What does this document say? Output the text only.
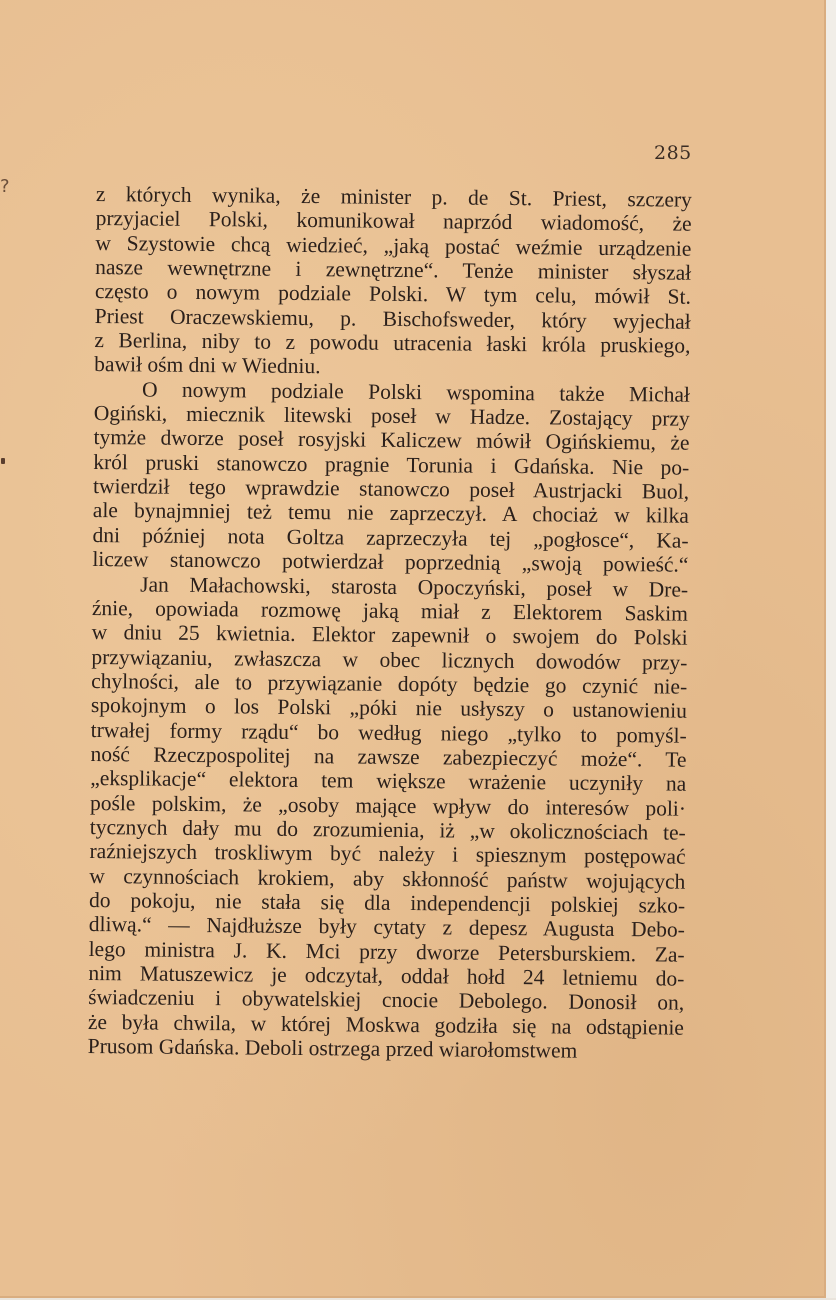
285
z których wynika, że minister p. de St. Priest, szczery
przyjaciel Polski, komunikował naprzód wiadomość, że
w Szystowie chcą wiedzieć, „jaką postać weźmie urządzenie
nasze wewnętrzne i zewnętrzne“. Tenże minister słyszał
często o nowym podziale Polski. W tym celu, mówił St.
Priest Oraczewskiemu, p. Bischofsweder, który wyjechał
z Berlina, niby to z powodu utracenia łaski króla pruskiego,
bawił ośm dni w Wiedniu.
O nowym podziale Polski wspomina także Michał
Ogiński, miecznik litewski poseł w Hadze. Zostający przy
tymże dworze poseł rosyjski Kaliczew mówił Ogińskiemu, że
król pruski stanowczo pragnie Torunia i Gdańska. Nie po-
twierdził tego wprawdzie stanowczo poseł Austrjacki Buol,
ale bynajmniej też temu nie zaprzeczył. A chociaż w kilka
dni później nota Goltza zaprzeczyła tej „pogłosce“, Ka-
liczew stanowczo potwierdzał poprzednią „swoją powieść.“
Jan Małachowski, starosta Opoczyński, poseł w Dre-
źnie, opowiada rozmowę jaką miał z Elektorem Saskim
w dniu 25 kwietnia. Elektor zapewnił o swojem do Polski
przywiązaniu, zwłaszcza w obec licznych dowodów przy-
chylności, ale to przywiązanie dopóty będzie go czynić nie-
spokojnym o los Polski „póki nie usłyszy o ustanowieniu
trwałej formy rządu“ bo według niego „tylko to pomyśl-
ność Rzeczpospolitej na zawsze zabezpieczyć może“. Te
„eksplikacje“ elektora tem większe wrażenie uczyniły na
pośle polskim, że „osoby mające wpływ do interesów poli·
tycznych dały mu do zrozumienia, iż „w okolicznościach te-
raźniejszych troskliwym być należy i spiesznym postępować
w czynnościach krokiem, aby skłonność państw wojujących
do pokoju, nie stała się dla independencji polskiej szko-
dliwą.“ — Najdłuższe były cytaty z depesz Augusta Debo-
lego ministra J. K. Mci przy dworze Petersburskiem. Za-
nim Matuszewicz je odczytał, oddał hołd 24 letniemu do-
świadczeniu i obywatelskiej cnocie Debolego. Donosił on,
że była chwila, w której Moskwa godziła się na odstąpienie
Prusom Gdańska. Deboli ostrzega przed wiarołomstwem
?
